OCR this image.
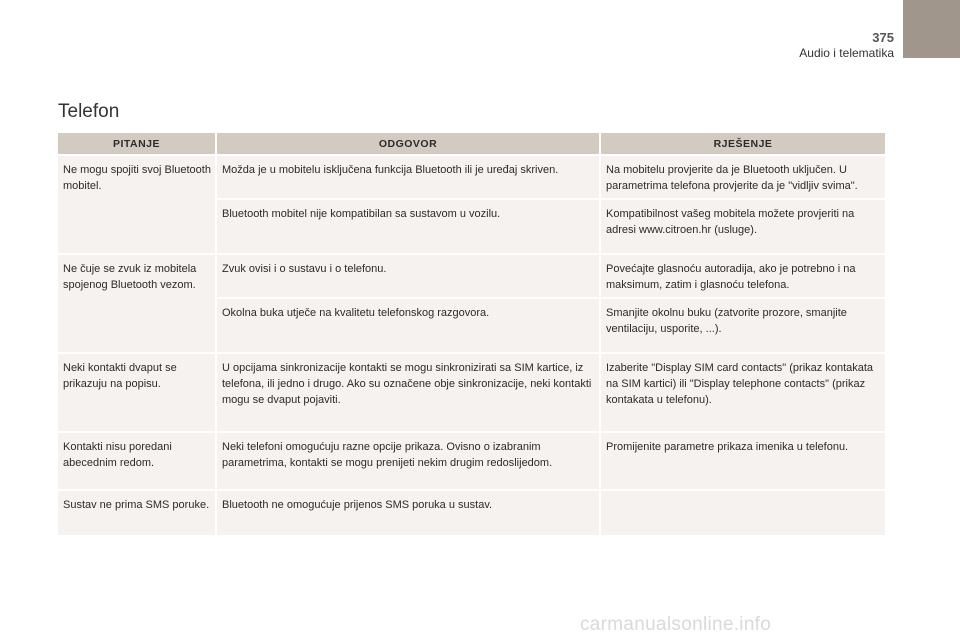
375
Audio i telematika
Telefon
PITANJE	ODGOVOR	RJEŠENJE
Ne mogu spojiti svoj Bluetooth mobitel.	Možda je u mobitelu isključena funkcija Bluetooth ili je uređaj skriven.	Na mobitelu provjerite da je Bluetooth uključen. U parametrima telefona provjerite da je "vidljiv svima".
	Bluetooth mobitel nije kompatibilan sa sustavom u vozilu.	Kompatibilnost vašeg mobitela možete provjeriti na adresi www.citroen.hr (usluge).
Ne čuje se zvuk iz mobitela spojenog Bluetooth vezom.	Zvuk ovisi i o sustavu i o telefonu.	Povećajte glasnoću autoradija, ako je potrebno i na maksimum, zatim i glasnoću telefona.
	Okolna buka utječe na kvalitetu telefonskog razgovora.	Smanjite okolnu buku (zatvorite prozore, smanjite ventilaciju, usporite, ...).
Neki kontakti dvaput se prikazuju na popisu.	U opcijama sinkronizacije kontakti se mogu sinkronizirati sa SIM kartice, iz telefona, ili jedno i drugo. Ako su označene obje sinkronizacije, neki kontakti mogu se dvaput pojaviti.	Izaberite "Display SIM card contacts" (prikaz kontakata na SIM kartici) ili "Display telephone contacts" (prikaz kontakata u telefonu).
Kontakti nisu poredani abecednim redom.	Neki telefoni omogućuju razne opcije prikaza. Ovisno o izabranim parametrima, kontakti se mogu prenijeti nekim drugim redoslijedom.	Promijenite parametre prikaza imenika u telefonu.
Sustav ne prima SMS poruke.	Bluetooth ne omogućuje prijenos SMS poruka u sustav.	
carmanualsonline.info
